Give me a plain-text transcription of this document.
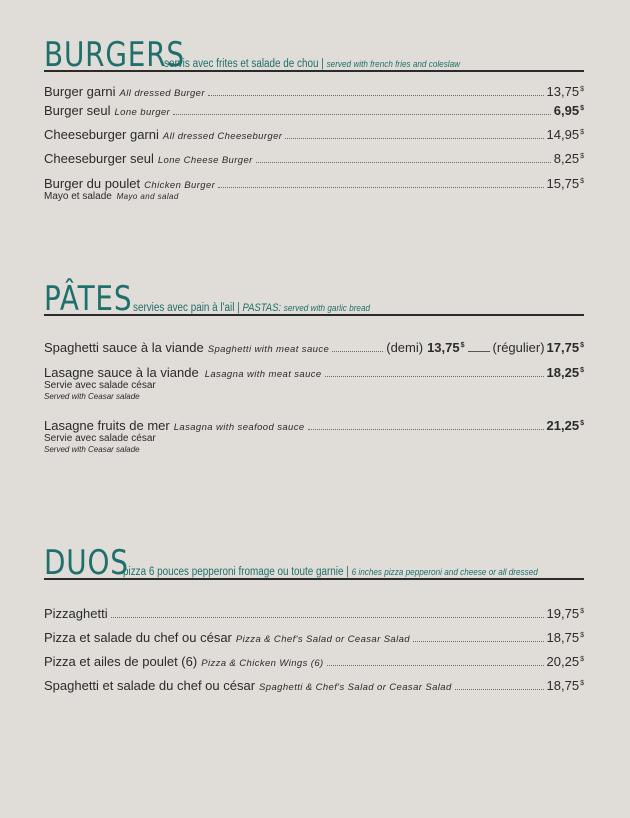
BURGERS
servis avec frites et salade de chou | served with french fries and coleslaw
Burger garni All dressed Burger	13,75$
Burger seul Lone burger	6,95$
Cheeseburger garni All dressed Cheeseburger	14,95$
Cheeseburger seul Lone Cheese Burger	8,25$
Burger du poulet Chicken Burger	15,75$
Mayo et salade Mayo and salad
PÂTES servies avec pain à l'ail | PASTAS: served with garlic bread
Spaghetti sauce à la viande Spaghetti with meat sauce	(demi) 13,75$ (régulier) 17,75$
Lasagne sauce à la viande Lasagna with meat sauce	18,25$
Servie avec salade césar
Served with Ceasar salade
Lasagne fruits de mer Lasagna with seafood sauce	21,25$
Servie avec salade césar
Served with Ceasar salade
DUOS
pizza 6 pouces pepperoni fromage ou toute garnie | 6 inches pizza pepperoni and cheese or all dressed
Pizzaghetti	19,75$
Pizza et salade du chef ou césar Pizza & Chef's Salad or Ceasar Salad	18,75$
Pizza et ailes de poulet (6) Pizza & Chicken Wings (6)	20,25$
Spaghetti et salade du chef ou césar Spaghetti & Chef's Salad or Ceasar Salad	18,75$
